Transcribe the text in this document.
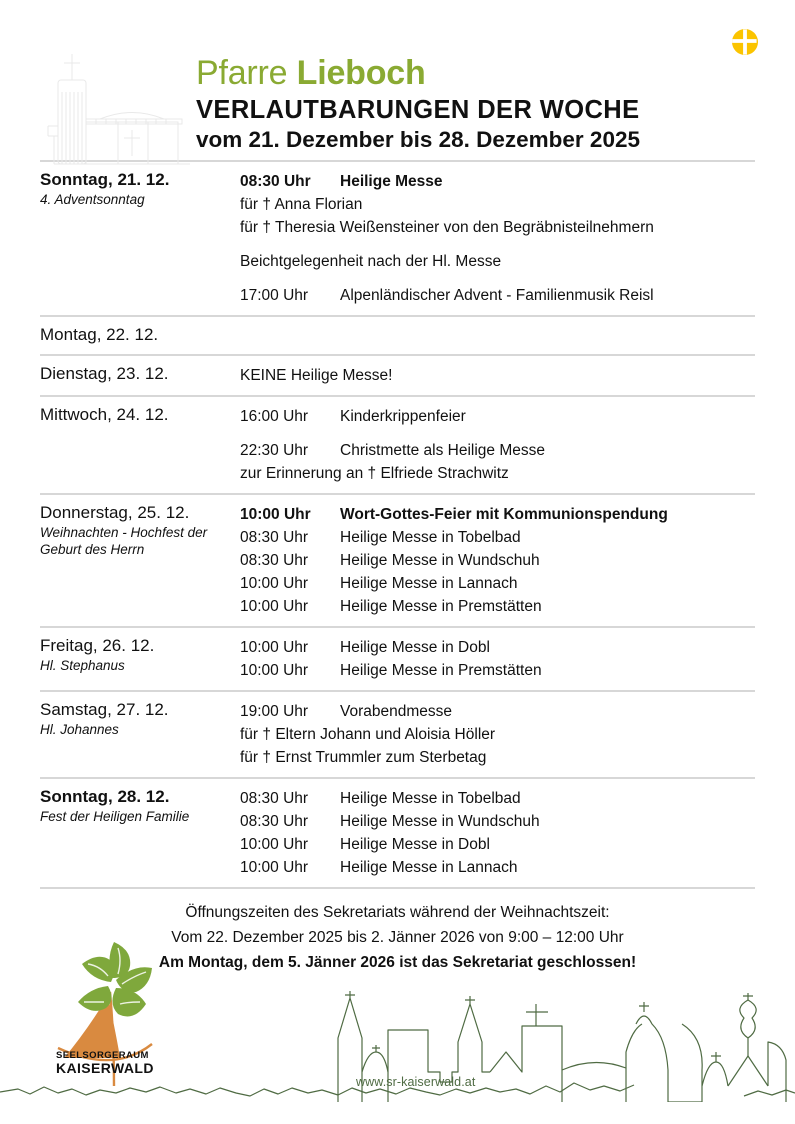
Pfarre Lieboch
VERLAUTBARUNGEN DER WOCHE
vom 21. Dezember bis 28. Dezember 2025
Sonntag, 21. 12.
4. Adventsonntag
08:30 Uhr	Heilige Messe
für † Anna Florian
für † Theresia Weißensteiner von den Begräbnisteilnehmern
Beichtgelegenheit nach der Hl. Messe
17:00 Uhr	Alpenländischer Advent - Familienmusik Reisl
Montag, 22. 12.
Dienstag, 23. 12.	KEINE Heilige Messe!
Mittwoch, 24. 12.	16:00 Uhr	Kinderkrippenfeier
22:30 Uhr	Christmette als Heilige Messe
zur Erinnerung an † Elfriede Strachwitz
Donnerstag, 25. 12.
Weihnachten - Hochfest der Geburt des Herrn
10:00 Uhr	Wort-Gottes-Feier mit Kommunionspendung
08:30 Uhr	Heilige Messe in Tobelbad
08:30 Uhr	Heilige Messe in Wundschuh
10:00 Uhr	Heilige Messe in Lannach
10:00 Uhr	Heilige Messe in Premstätten
Freitag, 26. 12.
Hl. Stephanus
10:00 Uhr	Heilige Messe in Dobl
10:00 Uhr	Heilige Messe in Premstätten
Samstag, 27. 12.
Hl. Johannes
19:00 Uhr	Vorabendmesse
für † Eltern Johann und Aloisia Höller
für † Ernst Trummler zum Sterbetag
Sonntag, 28. 12.
Fest der Heiligen Familie
08:30 Uhr	Heilige Messe in Tobelbad
08:30 Uhr	Heilige Messe in Wundschuh
10:00 Uhr	Heilige Messe in Dobl
10:00 Uhr	Heilige Messe in Lannach
Öffnungszeiten des Sekretariats während der Weihnachtszeit:
Vom 22. Dezember 2025 bis 2. Jänner 2026 von 9:00 – 12:00 Uhr
Am Montag, dem 5. Jänner 2026 ist das Sekretariat geschlossen!
SEELSORGERAUM
KAISERWALD
www.sr-kaiserwald.at
